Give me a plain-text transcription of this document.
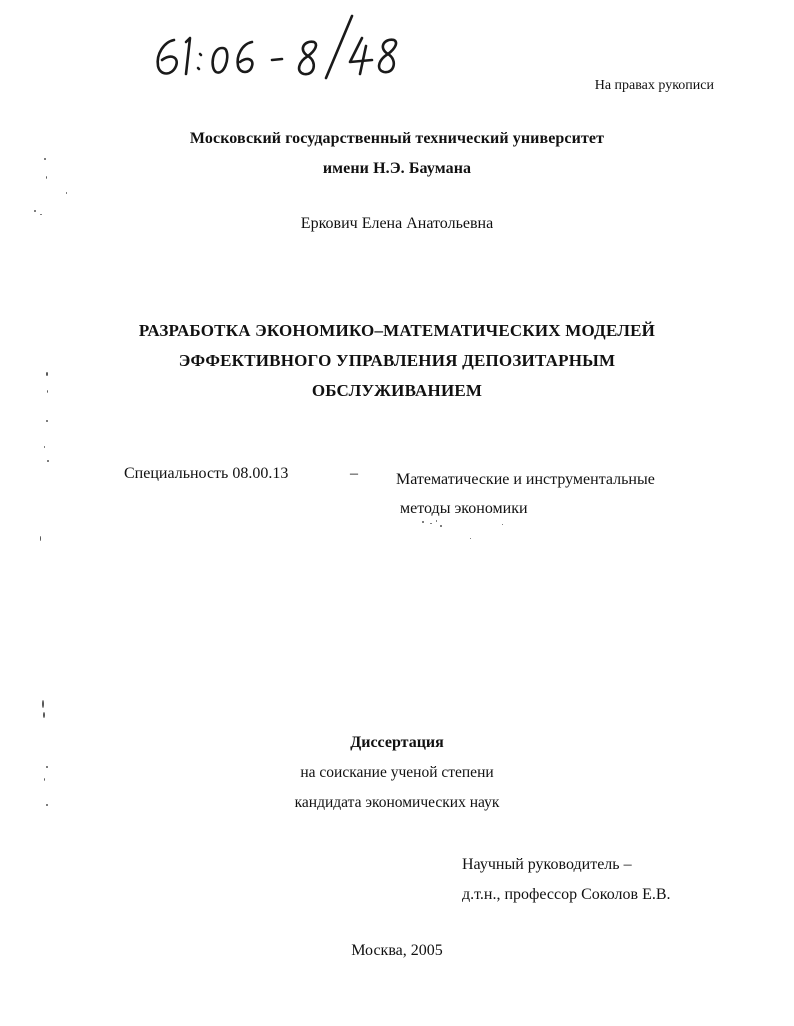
На правах рукописи
Московский государственный технический университет
имени Н.Э. Баумана
Еркович Елена Анатольевна
РАЗРАБОТКА ЭКОНОМИКО–МАТЕМАТИЧЕСКИХ МОДЕЛЕЙ
ЭФФЕКТИВНОГО УПРАВЛЕНИЯ ДЕПОЗИТАРНЫМ
ОБСЛУЖИВАНИЕМ
Специальность 08.00.13	– Математические и инструментальные
методы экономики
Диссертация
на соискание ученой степени
кандидата экономических наук
Научный руководитель –
д.т.н., профессор Соколов Е.В.
Москва, 2005
